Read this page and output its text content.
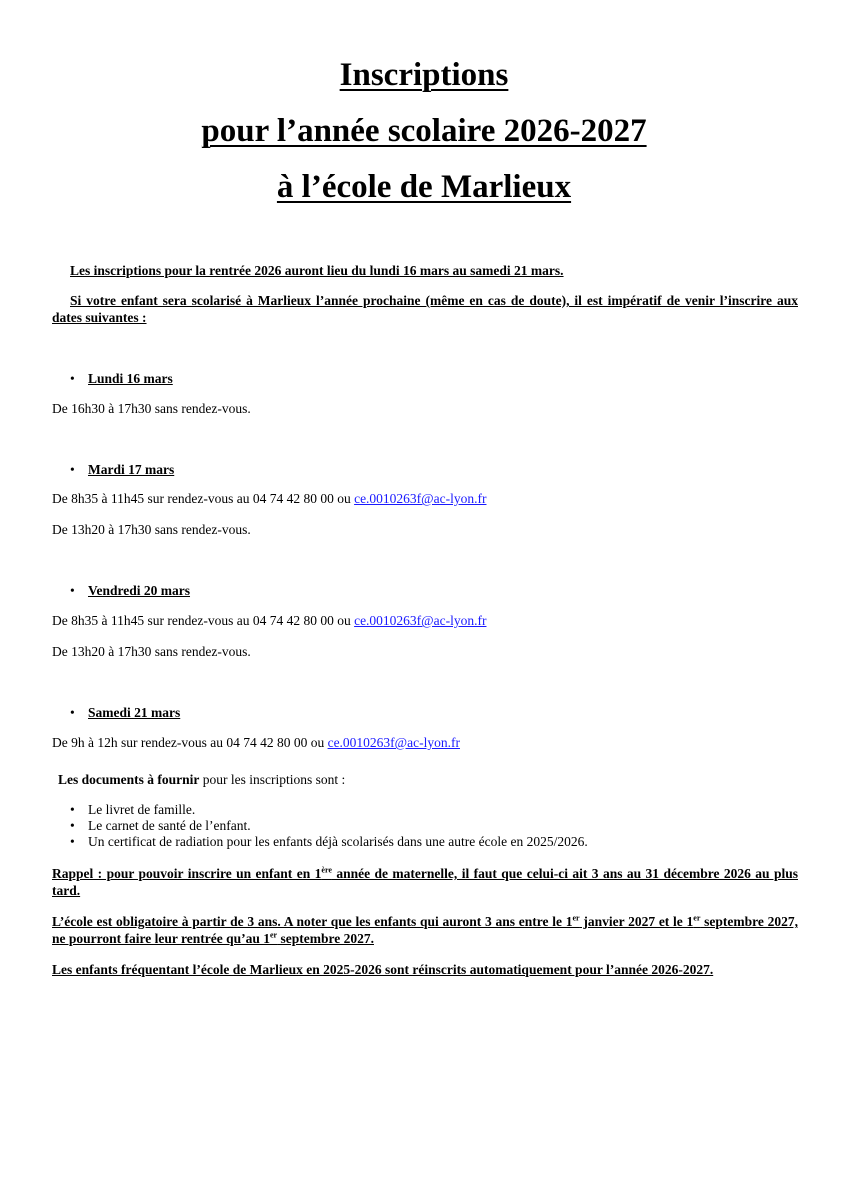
Inscriptions
pour l’année scolaire 2026-2027
à l’école de Marlieux

Les inscriptions pour la rentrée 2026 auront lieu du lundi 16 mars au samedi 21 mars.

Si votre enfant sera scolarisé à Marlieux l’année prochaine (même en cas de doute), il est impératif de venir l’inscrire aux dates suivantes :

• Lundi 16 mars

De 16h30 à 17h30 sans rendez-vous.

• Mardi 17 mars

De 8h35 à 11h45 sur rendez-vous au 04 74 42 80 00 ou ce.0010263f@ac-lyon.fr

De 13h20 à 17h30 sans rendez-vous.

• Vendredi 20 mars

De 8h35 à 11h45 sur rendez-vous au 04 74 42 80 00 ou ce.0010263f@ac-lyon.fr

De 13h20 à 17h30 sans rendez-vous.

• Samedi 21 mars

De 9h à 12h sur rendez-vous au 04 74 42 80 00 ou ce.0010263f@ac-lyon.fr

Les documents à fournir pour les inscriptions sont :

• Le livret de famille.
• Le carnet de santé de l’enfant.
• Un certificat de radiation pour les enfants déjà scolarisés dans une autre école en 2025/2026.

Rappel : pour pouvoir inscrire un enfant en 1ère année de maternelle, il faut que celui-ci ait 3 ans au 31 décembre 2026 au plus tard.

L’école est obligatoire à partir de 3 ans. A noter que les enfants qui auront 3 ans entre le 1er janvier 2027 et le 1er septembre 2027, ne pourront faire leur rentrée qu’au 1er septembre 2027.

Les enfants fréquentant l’école de Marlieux en 2025-2026 sont réinscrits automatiquement pour l’année 2026-2027.
